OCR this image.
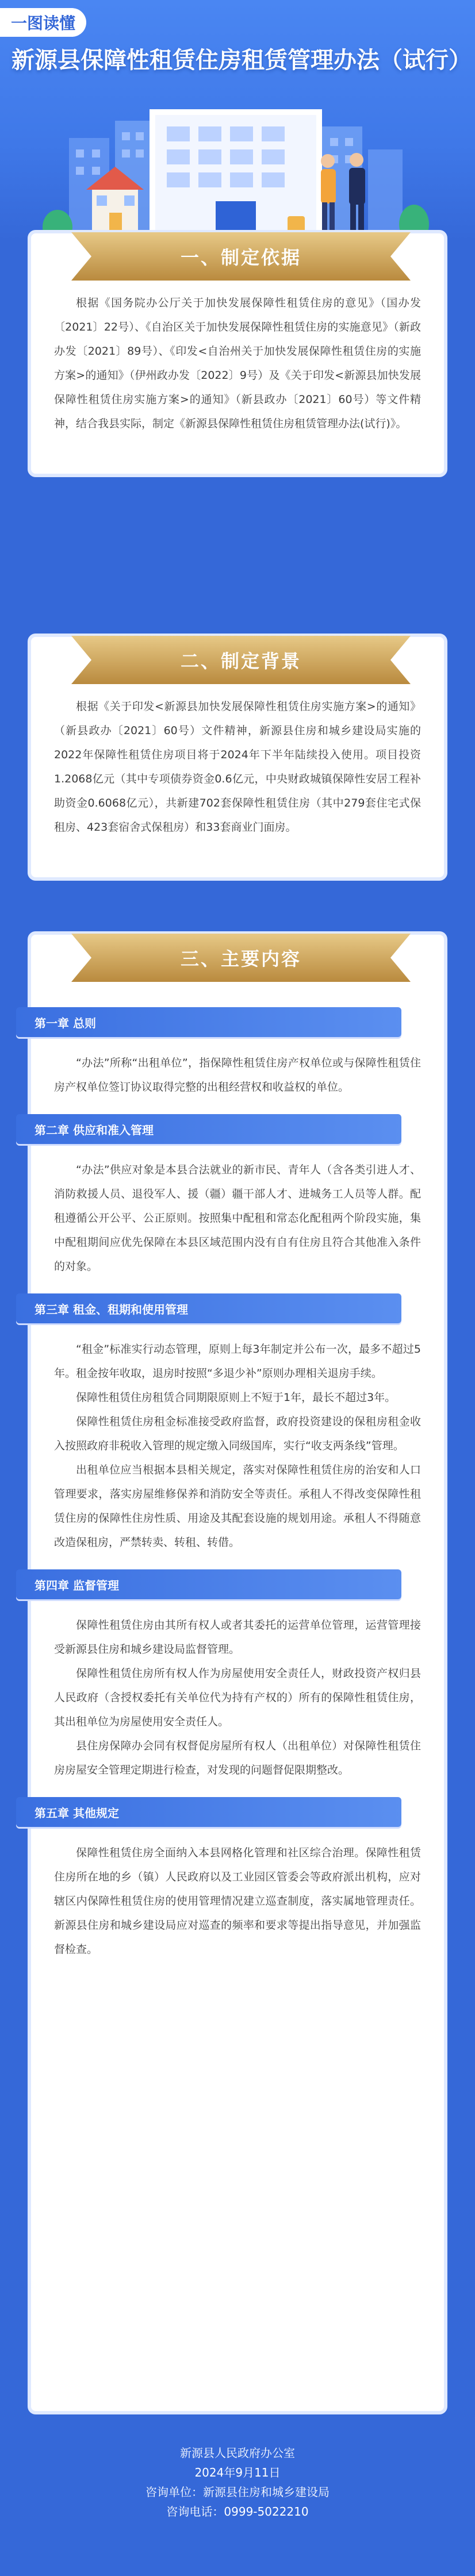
一图读懂
新源县保障性租赁住房租赁管理办法（试行）
一、制定依据

根据《国务院办公厅关于加快发展保障性租赁住房的意见》（国办发〔2021〕22号）、《自治区关于加快发展保障性租赁住房的实施意见》（新政办发〔2021〕89号）、《印发<自治州关于加快发展保障性租赁住房的实施方案>的通知》（伊州政办发〔2022〕9号）及《关于印发<新源县加快发展保障性租赁住房实施方案>的通知》（新县政办〔2021〕60号）等文件精神，结合我县实际，制定《新源县保障性租赁住房租赁管理办法(试行)》。

二、制定背景

根据《关于印发<新源县加快发展保障性租赁住房实施方案>的通知》（新县政办〔2021〕60号）文件精神，新源县住房和城乡建设局实施的 2022年保障性租赁住房项目将于2024年下半年陆续投入使用。项目投资1.2068亿元（其中专项债券资金0.6亿元，中央财政城镇保障性安居工程补助资金0.6068亿元），共新建702套保障性租赁住房（其中279套住宅式保租房、423套宿舍式保租房）和33套商业门面房。

三、主要内容
第一章 总则

“办法”所称“出租单位”，指保障性租赁住房产权单位或与保障性租赁住房产权单位签订协议取得完整的出租经营权和收益权的单位。

第二章 供应和准入管理

“办法”供应对象是本县合法就业的新市民、青年人（含各类引进人才、消防救援人员、退役军人、援（疆）疆干部人才、进城务工人员等人群。配租遵循公开公平、公正原则。按照集中配租和常态化配租两个阶段实施，集中配租期间应优先保障在本县区域范围内没有自有住房且符合其他准入条件的对象。

第三章 租金、租期和使用管理

“租金”标准实行动态管理，原则上每3年制定并公布一次，最多不超过5年。租金按年收取，退房时按照“多退少补”原则办理相关退房手续。

保障性租赁住房租赁合同期限原则上不短于1年，最长不超过3年。

保障性租赁住房租金标准接受政府监督，政府投资建设的保租房租金收入按照政府非税收入管理的规定缴入同级国库，实行“收支两条线”管理。

出租单位应当根据本县相关规定，落实对保障性租赁住房的治安和人口管理要求，落实房屋维修保养和消防安全等责任。承租人不得改变保障性租赁住房的保障性住房性质、用途及其配套设施的规划用途。承租人不得随意改造保租房，严禁转卖、转租、转借。

第四章 监督管理

保障性租赁住房由其所有权人或者其委托的运营单位管理，运营管理接受新源县住房和城乡建设局监督管理。

保障性租赁住房所有权人作为房屋使用安全责任人，财政投资产权归县人民政府（含授权委托有关单位代为持有产权的）所有的保障性租赁住房，其出租单位为房屋使用安全责任人。

县住房保障办会同有权督促房屋所有权人（出租单位）对保障性租赁住房房屋安全管理定期进行检查，对发现的问题督促限期整改。

第五章 其他规定

保障性租赁住房全面纳入本县网格化管理和社区综合治理。保障性租赁住房所在地的乡（镇）人民政府以及工业园区管委会等政府派出机构，应对辖区内保障性租赁住房的使用管理情况建立巡查制度，落实属地管理责任。新源县住房和城乡建设局应对巡查的频率和要求等提出指导意见，并加强监督检查。

新源县人民政府办公室
2024年9月11日
咨询单位：新源县住房和城乡建设局
咨询电话：0999-5022210
